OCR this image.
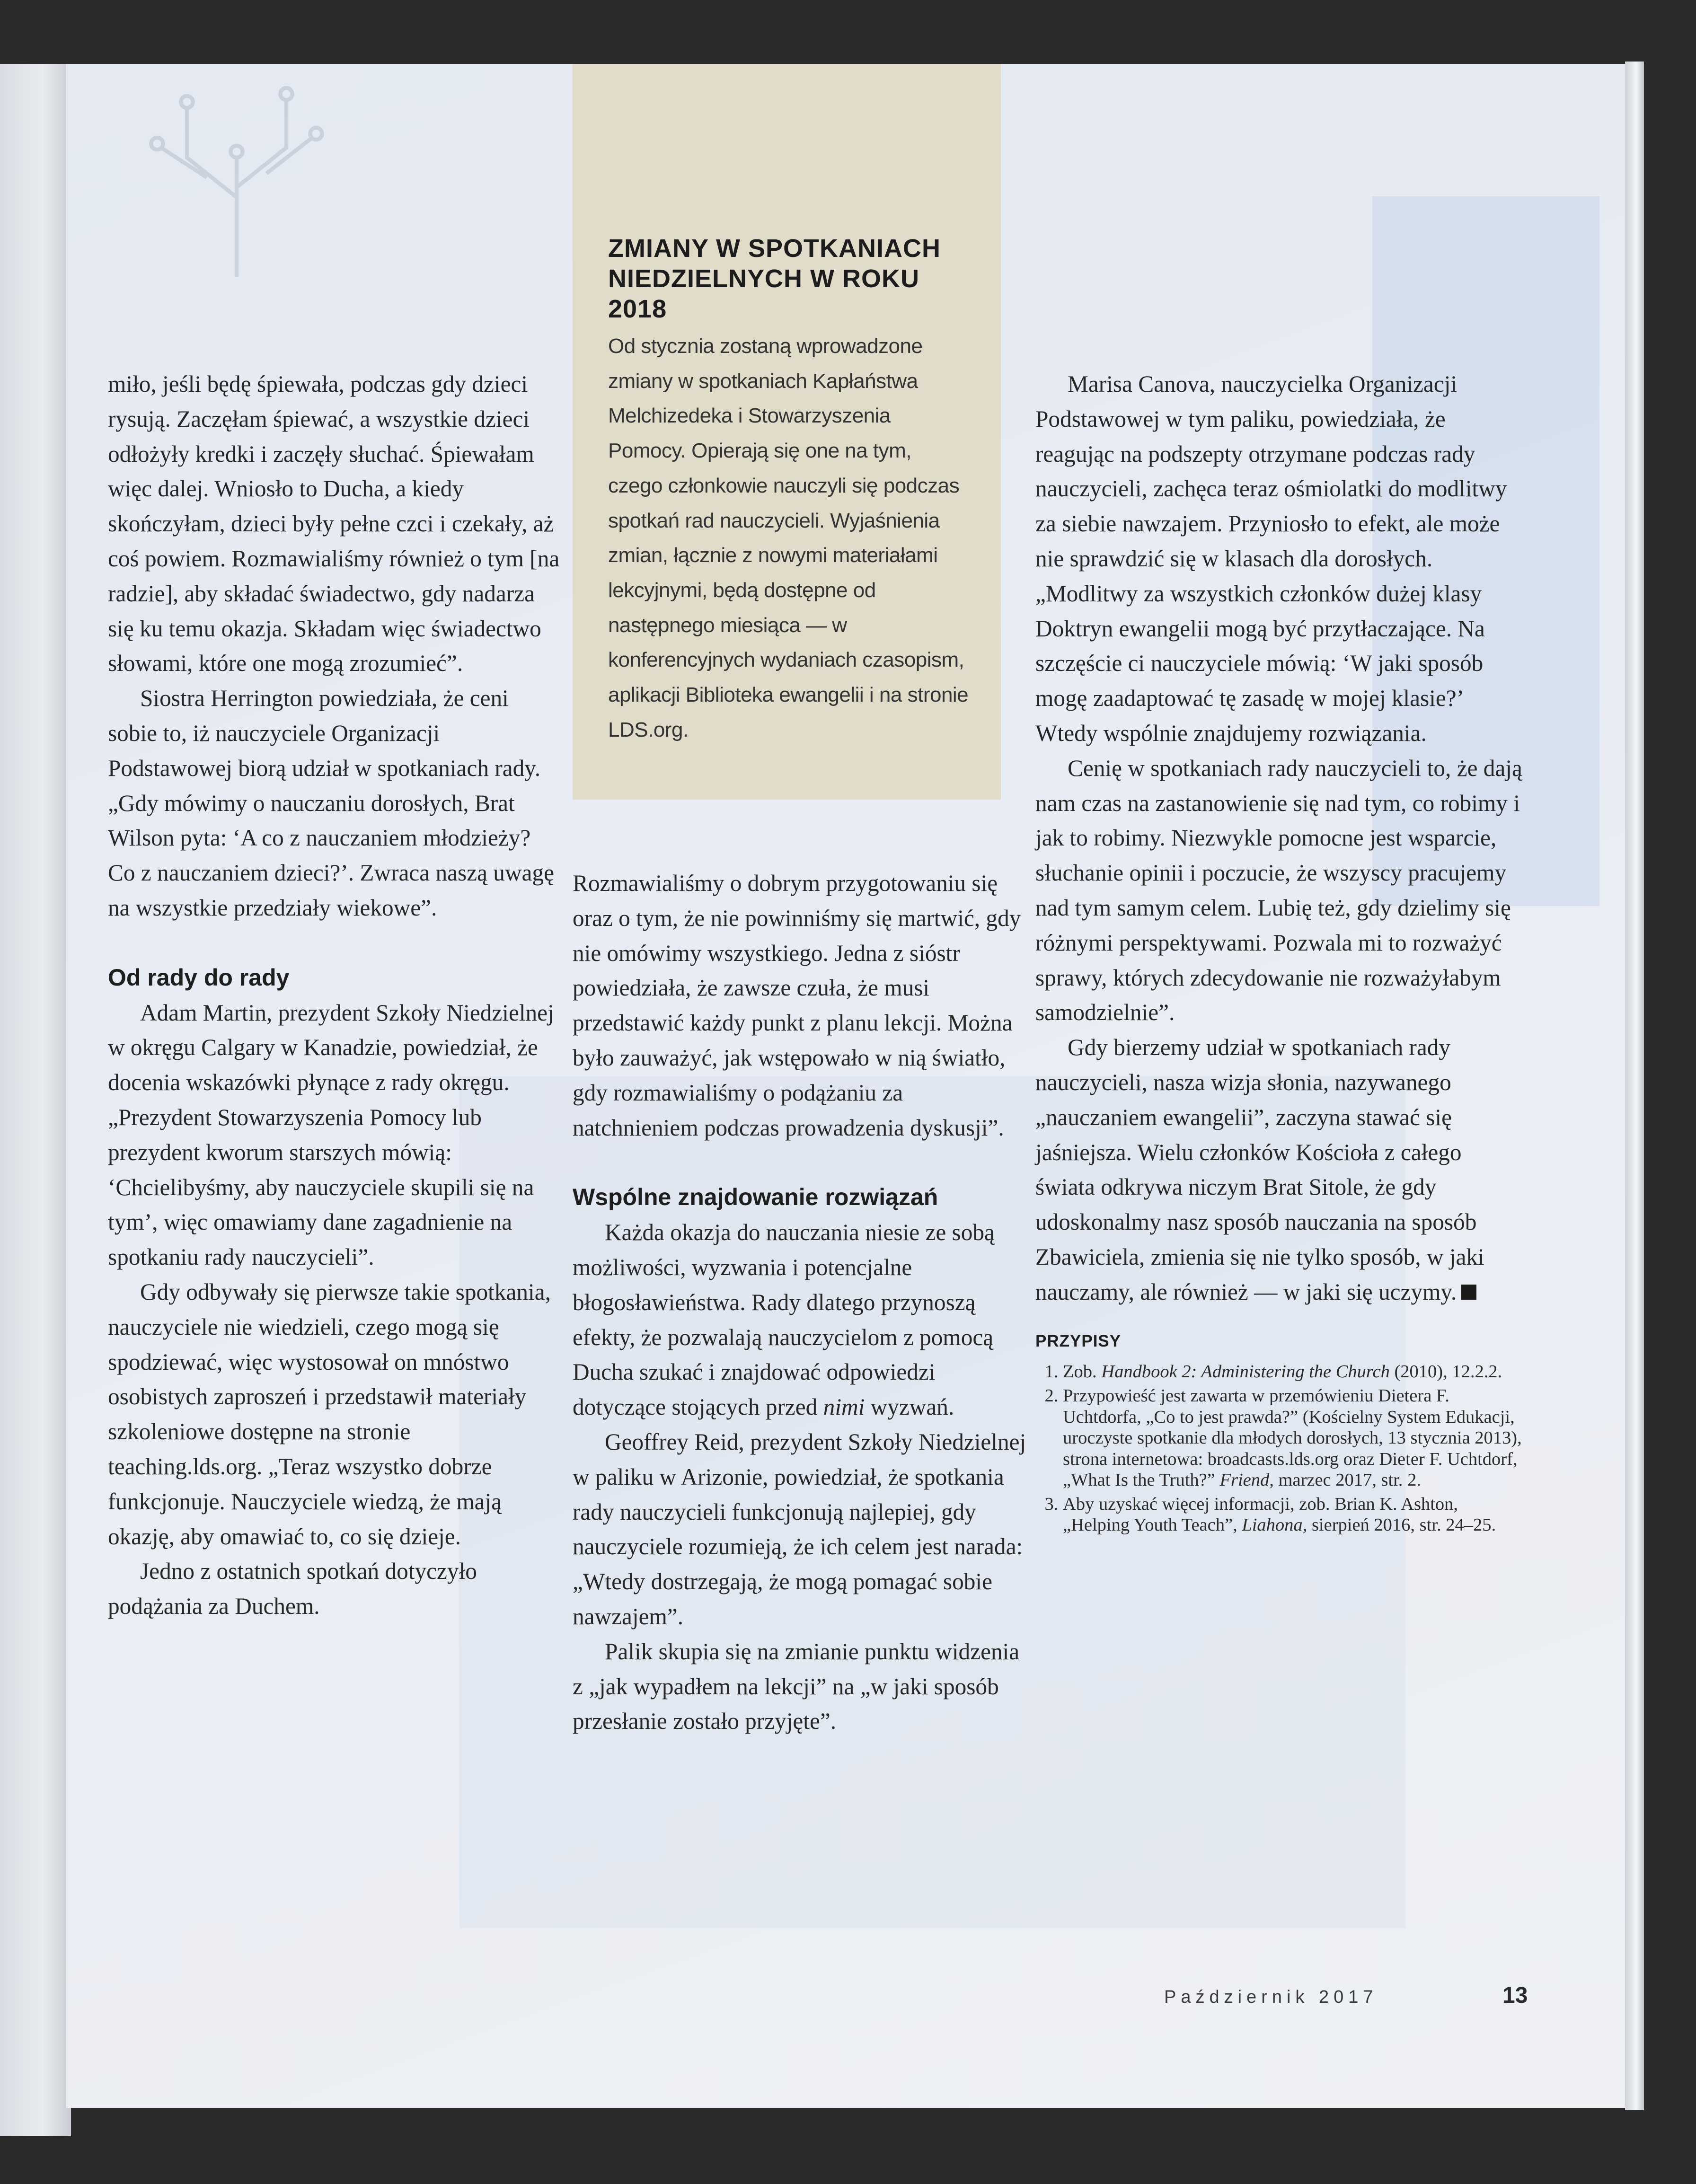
ZMIANY W SPOTKANIACH NIEDZIELNYCH W ROKU 2018
Od stycznia zostaną wprowadzone zmiany w spotkaniach Kapłaństwa Melchizedeka i Stowarzyszenia Pomocy. Opierają się one na tym, czego członkowie nauczyli się podczas spotkań rad nauczycieli. Wyjaśnienia zmian, łącznie z nowymi materiałami lekcyjnymi, będą dostępne od następnego miesiąca — w konferencyjnych wydaniach czasopism, aplikacji Biblioteka ewangelii i na stronie LDS.org.

miło, jeśli będę śpiewała, podczas gdy dzieci rysują. Zaczęłam śpiewać, a wszystkie dzieci odłożyły kredki i zaczęły słuchać. Śpiewałam więc dalej. Wniosło to Ducha, a kiedy skończyłam, dzieci były pełne czci i czekały, aż coś powiem. Rozmawialiśmy również o tym [na radzie], aby składać świadectwo, gdy nadarza się ku temu okazja. Składam więc świadectwo słowami, które one mogą zrozumieć”.

Siostra Herrington powiedziała, że ceni sobie to, iż nauczyciele Organizacji Podstawowej biorą udział w spotkaniach rady. „Gdy mówimy o nauczaniu dorosłych, Brat Wilson pyta: ‘A co z nauczaniem młodzieży? Co z nauczaniem dzieci?’. Zwraca naszą uwagę na wszystkie przedziały wiekowe”.

Od rady do rady

Adam Martin, prezydent Szkoły Niedzielnej w okręgu Calgary w Kanadzie, powiedział, że docenia wskazówki płynące z rady okręgu. „Prezydent Stowarzyszenia Pomocy lub prezydent kworum starszych mówią: ‘Chcielibyśmy, aby nauczyciele skupili się na tym’, więc omawiamy dane zagadnienie na spotkaniu rady nauczycieli”.

Gdy odbywały się pierwsze takie spotkania, nauczyciele nie wiedzieli, czego mogą się spodziewać, więc wystosował on mnóstwo osobistych zaproszeń i przedstawił materiały szkoleniowe dostępne na stronie teaching.lds.org. „Teraz wszystko dobrze funkcjonuje. Nauczyciele wiedzą, że mają okazję, aby omawiać to, co się dzieje.

Jedno z ostatnich spotkań dotyczyło podążania za Duchem.

Rozmawialiśmy o dobrym przygotowaniu się oraz o tym, że nie powinniśmy się martwić, gdy nie omówimy wszystkiego. Jedna z sióstr powiedziała, że zawsze czuła, że musi przedstawić każdy punkt z planu lekcji. Można było zauważyć, jak wstępowało w nią światło, gdy rozmawialiśmy o podążaniu za natchnieniem podczas prowadzenia dyskusji”.

Wspólne znajdowanie rozwiązań

Każda okazja do nauczania niesie ze sobą możliwości, wyzwania i potencjalne błogosławieństwa. Rady dlatego przynoszą efekty, że pozwalają nauczycielom z pomocą Ducha szukać i znajdować odpowiedzi dotyczące stojących przed nimi wyzwań.

Geoffrey Reid, prezydent Szkoły Niedzielnej w paliku w Arizonie, powiedział, że spotkania rady nauczycieli funkcjonują najlepiej, gdy nauczyciele rozumieją, że ich celem jest narada: „Wtedy dostrzegają, że mogą pomagać sobie nawzajem”.

Palik skupia się na zmianie punktu widzenia z „jak wypadłem na lekcji” na „w jaki sposób przesłanie zostało przyjęte”.

Marisa Canova, nauczycielka Organizacji Podstawowej w tym paliku, powiedziała, że reagując na podszepty otrzymane podczas rady nauczycieli, zachęca teraz ośmiolatki do modlitwy za siebie nawzajem. Przyniosło to efekt, ale może nie sprawdzić się w klasach dla dorosłych. „Modlitwy za wszystkich członków dużej klasy Doktryn ewangelii mogą być przytłaczające. Na szczęście ci nauczyciele mówią: ‘W jaki sposób mogę zaadaptować tę zasadę w mojej klasie?’ Wtedy wspólnie znajdujemy rozwiązania.

Cenię w spotkaniach rady nauczycieli to, że dają nam czas na zastanowienie się nad tym, co robimy i jak to robimy. Niezwykle pomocne jest wsparcie, słuchanie opinii i poczucie, że wszyscy pracujemy nad tym samym celem. Lubię też, gdy dzielimy się różnymi perspektywami. Pozwala mi to rozważyć sprawy, których zdecydowanie nie rozważyłabym samodzielnie”.

Gdy bierzemy udział w spotkaniach rady nauczycieli, nasza wizja słonia, nazywanego „nauczaniem ewangelii”, zaczyna stawać się jaśniejsza. Wielu członków Kościoła z całego świata odkrywa niczym Brat Sitole, że gdy udoskonalmy nasz sposób nauczania na sposób Zbawiciela, zmienia się nie tylko sposób, w jaki nauczamy, ale również — w jaki się uczymy.

PRZYPISY
1. Zob. Handbook 2: Administering the Church (2010), 12.2.2.
2. Przypowieść jest zawarta w przemówieniu Dietera F. Uchtdorfa, „Co to jest prawda?” (Kościelny System Edukacji, uroczyste spotkanie dla młodych dorosłych, 13 stycznia 2013), strona internetowa: broadcasts.lds.org oraz Dieter F. Uchtdorf, „What Is the Truth?” Friend, marzec 2017, str. 2.
3. Aby uzyskać więcej informacji, zob. Brian K. Ashton, „Helping Youth Teach”, Liahona, sierpień 2016, str. 24–25.
Październik 2017	13
